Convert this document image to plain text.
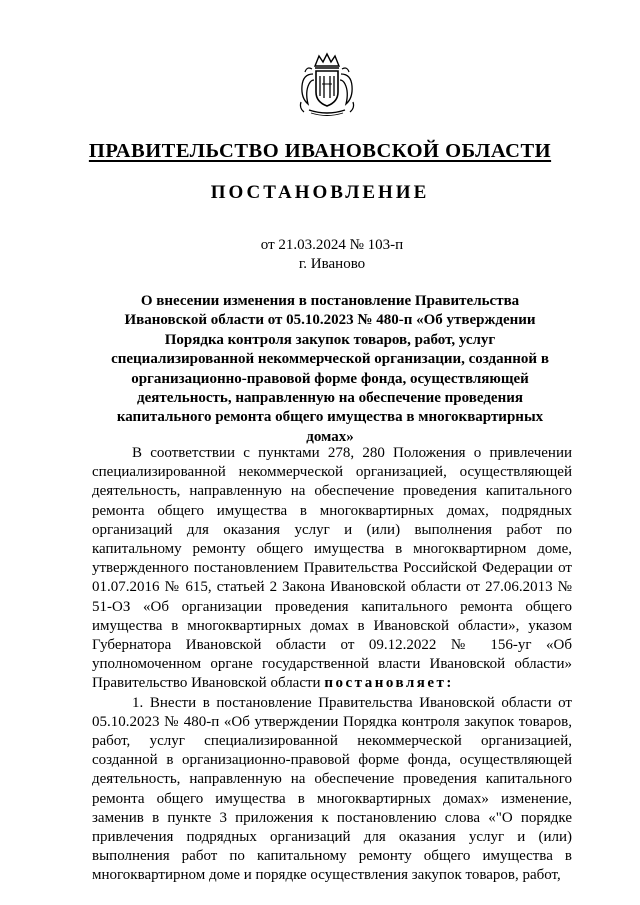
ПРАВИТЕЛЬСТВО ИВАНОВСКОЙ ОБЛАСТИ
ПОСТАНОВЛЕНИЕ
от 21.03.2024 № 103-п
г. Иваново
О внесении изменения в постановление Правительства Ивановской области от 05.10.2023 № 480-п «Об утверждении Порядка контроля закупок товаров, работ, услуг специализированной некоммерческой организации, созданной в организационно-правовой форме фонда, осуществляющей деятельность, направленную на обеспечение проведения капитального ремонта общего имущества в многоквартирных домах»

В соответствии с пунктами 278, 280 Положения о привлечении специализированной некоммерческой организацией, осуществляющей деятельность, направленную на обеспечение проведения капитального ремонта общего имущества в многоквартирных домах, подрядных организаций для оказания услуг и (или) выполнения работ по капитальному ремонту общего имущества в многоквартирном доме, утвержденного постановлением Правительства Российской Федерации от 01.07.2016 № 615, статьей 2 Закона Ивановской области от 27.06.2013 № 51-ОЗ «Об организации проведения капитального ремонта общего имущества в многоквартирных домах в Ивановской области», указом Губернатора Ивановской области от 09.12.2022 № 156-уг «Об уполномоченном органе государственной власти Ивановской области» Правительство Ивановской области постановляет:

1. Внести в постановление Правительства Ивановской области от 05.10.2023 № 480-п «Об утверждении Порядка контроля закупок товаров, работ, услуг специализированной некоммерческой организацией, созданной в организационно-правовой форме фонда, осуществляющей деятельность, направленную на обеспечение проведения капитального ремонта общего имущества в многоквартирных домах» изменение, заменив в пункте 3 приложения к постановлению слова «"О порядке привлечения подрядных организаций для оказания услуг и (или) выполнения работ по капитальному ремонту общего имущества в многоквартирном доме и порядке осуществления закупок товаров, работ,
